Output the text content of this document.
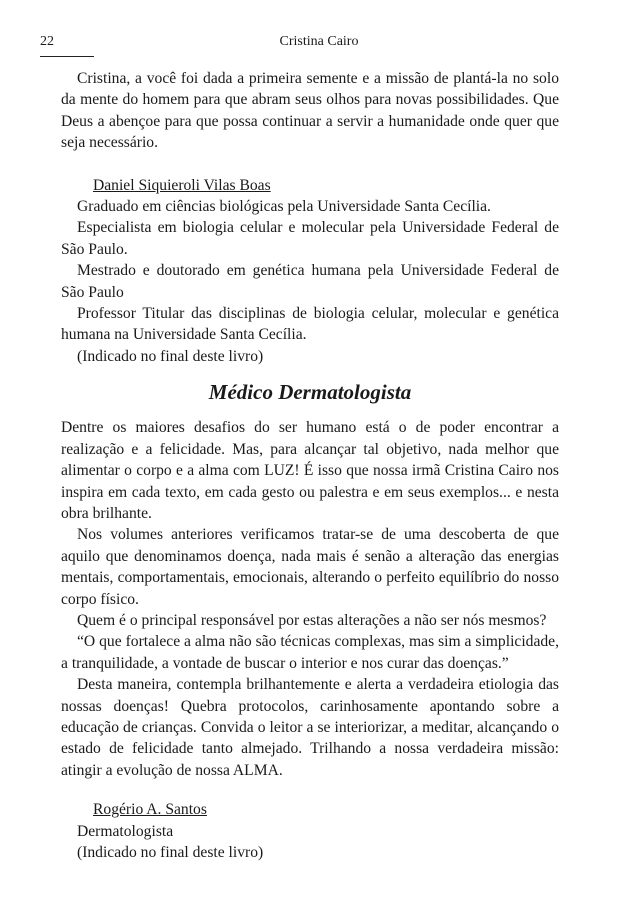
22	Cristina Cairo

Cristina, a você foi dada a primeira semente e a missão de plantá-la no solo da mente do homem para que abram seus olhos para novas possibilidades. Que Deus a abençoe para que possa continuar a servir a humanidade onde quer que seja necessário.

Daniel Siquieroli Vilas Boas

Graduado em ciências biológicas pela Universidade Santa Cecília.

Especialista em biologia celular e molecular pela Universidade Federal de São Paulo.

Mestrado e doutorado em genética humana pela Universidade Federal de São Paulo

Professor Titular das disciplinas de biologia celular, molecular e genética humana na Universidade Santa Cecília.

(Indicado no final deste livro)

Médico Dermatologista

Dentre os maiores desafios do ser humano está o de poder encontrar a realização e a felicidade. Mas, para alcançar tal objetivo, nada melhor que alimentar o corpo e a alma com LUZ! É isso que nossa irmã Cristina Cairo nos inspira em cada texto, em cada gesto ou palestra e em seus exemplos... e nesta obra brilhante.

Nos volumes anteriores verificamos tratar-se de uma descoberta de que aquilo que denominamos doença, nada mais é senão a alteração das energias mentais, comportamentais, emocionais, alterando o perfeito equilíbrio do nosso corpo físico.

Quem é o principal responsável por estas alterações a não ser nós mesmos?

“O que fortalece a alma não são técnicas complexas, mas sim a simplicidade, a tranquilidade, a vontade de buscar o interior e nos curar das doenças.”

Desta maneira, contempla brilhantemente e alerta a verdadeira etiologia das nossas doenças! Quebra protocolos, carinhosamente apontando sobre a educação de crianças. Convida o leitor a se interiorizar, a meditar, alcançando o estado de felicidade tanto almejado. Trilhando a nossa verdadeira missão: atingir a evolução de nossa ALMA.

Rogério A. Santos

Dermatologista

(Indicado no final deste livro)
